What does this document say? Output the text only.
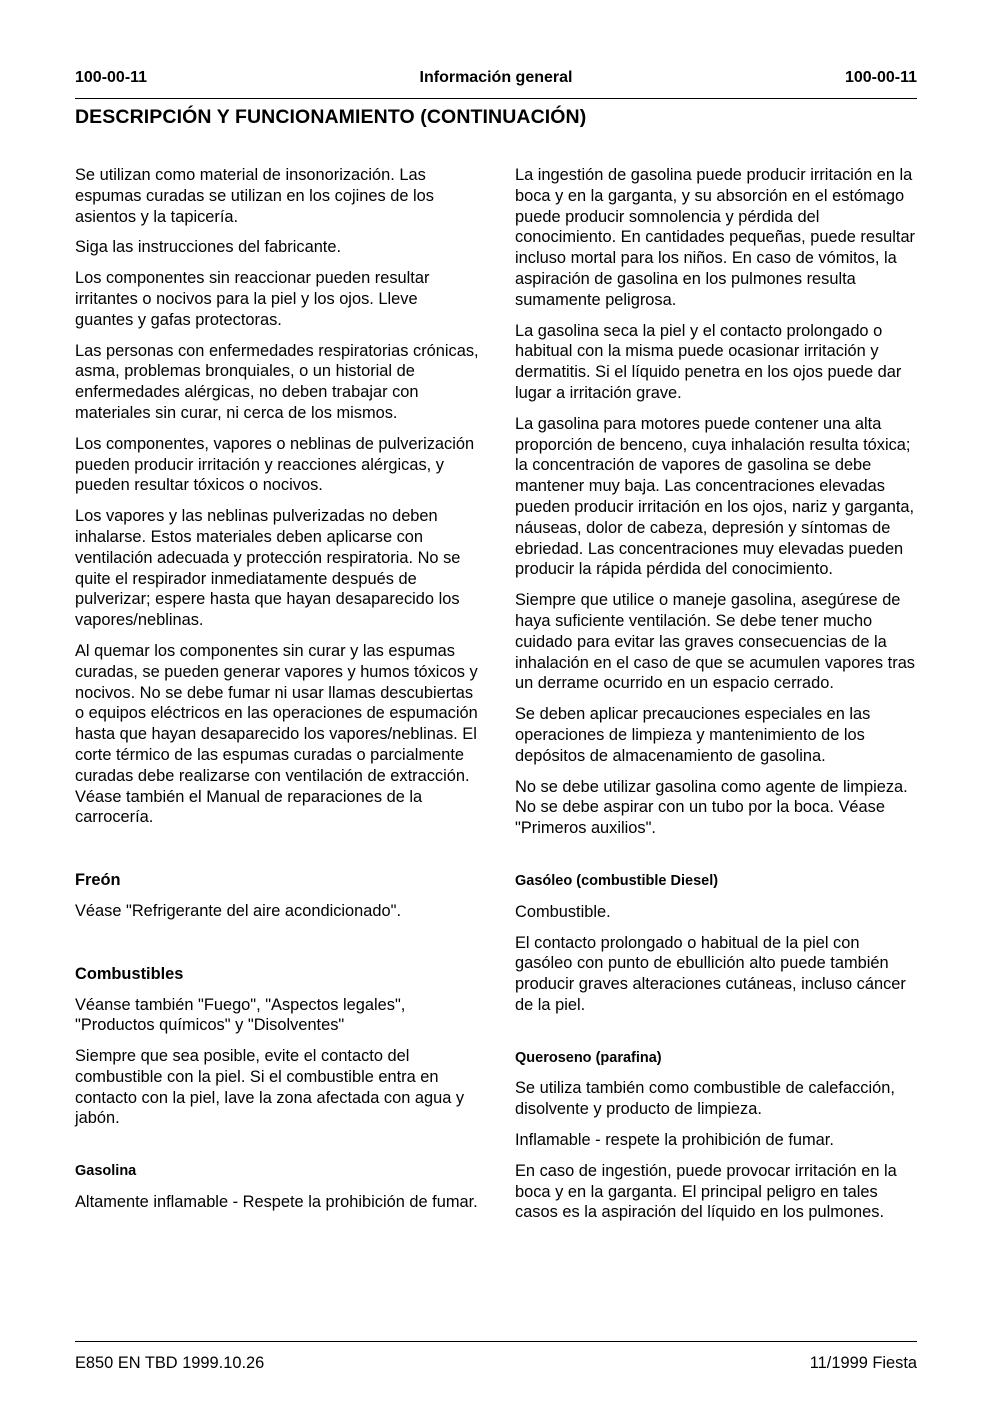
100-00-11	Información general	100-00-11
DESCRIPCIÓN Y FUNCIONAMIENTO (CONTINUACIÓN)

Se utilizan como material de insonorización. Las espumas curadas se utilizan en los cojines de los asientos y la tapicería.

Siga las instrucciones del fabricante.

Los componentes sin reaccionar pueden resultar irritantes o nocivos para la piel y los ojos. Lleve guantes y gafas protectoras.

Las personas con enfermedades respiratorias crónicas, asma, problemas bronquiales, o un historial de enfermedades alérgicas, no deben trabajar con materiales sin curar, ni cerca de los mismos.

Los componentes, vapores o neblinas de pulverización pueden producir irritación y reacciones alérgicas, y pueden resultar tóxicos o nocivos.

Los vapores y las neblinas pulverizadas no deben inhalarse. Estos materiales deben aplicarse con ventilación adecuada y protección respiratoria. No se quite el respirador inmediatamente después de pulverizar; espere hasta que hayan desaparecido los vapores/neblinas.

Al quemar los componentes sin curar y las espumas curadas, se pueden generar vapores y humos tóxicos y nocivos. No se debe fumar ni usar llamas descubiertas o equipos eléctricos en las operaciones de espumación hasta que hayan desaparecido los vapores/neblinas. El corte térmico de las espumas curadas o parcialmente curadas debe realizarse con ventilación de extracción. Véase también el Manual de reparaciones de la carrocería.

Freón

Véase "Refrigerante del aire acondicionado".

Combustibles

Véanse también "Fuego", "Aspectos legales", "Productos químicos" y "Disolventes"

Siempre que sea posible, evite el contacto del combustible con la piel. Si el combustible entra en contacto con la piel, lave la zona afectada con agua y jabón.

Gasolina

Altamente inflamable - Respete la prohibición de fumar.

La ingestión de gasolina puede producir irritación en la boca y en la garganta, y su absorción en el estómago puede producir somnolencia y pérdida del conocimiento. En cantidades pequeñas, puede resultar incluso mortal para los niños. En caso de vómitos, la aspiración de gasolina en los pulmones resulta sumamente peligrosa.

La gasolina seca la piel y el contacto prolongado o habitual con la misma puede ocasionar irritación y dermatitis. Si el líquido penetra en los ojos puede dar lugar a irritación grave.

La gasolina para motores puede contener una alta proporción de benceno, cuya inhalación resulta tóxica; la concentración de vapores de gasolina se debe mantener muy baja. Las concentraciones elevadas pueden producir irritación en los ojos, nariz y garganta, náuseas, dolor de cabeza, depresión y síntomas de ebriedad. Las concentraciones muy elevadas pueden producir la rápida pérdida del conocimiento.

Siempre que utilice o maneje gasolina, asegúrese de haya suficiente ventilación. Se debe tener mucho cuidado para evitar las graves consecuencias de la inhalación en el caso de que se acumulen vapores tras un derrame ocurrido en un espacio cerrado.

Se deben aplicar precauciones especiales en las operaciones de limpieza y mantenimiento de los depósitos de almacenamiento de gasolina.

No se debe utilizar gasolina como agente de limpieza. No se debe aspirar con un tubo por la boca. Véase "Primeros auxilios".

Gasóleo (combustible Diesel)

Combustible.

El contacto prolongado o habitual de la piel con gasóleo con punto de ebullición alto puede también producir graves alteraciones cutáneas, incluso cáncer de la piel.

Queroseno (parafina)

Se utiliza también como combustible de calefacción, disolvente y producto de limpieza.

Inflamable - respete la prohibición de fumar.

En caso de ingestión, puede provocar irritación en la boca y en la garganta. El principal peligro en tales casos es la aspiración del líquido en los pulmones.

E850 EN TBD 1999.10.26	11/1999 Fiesta
